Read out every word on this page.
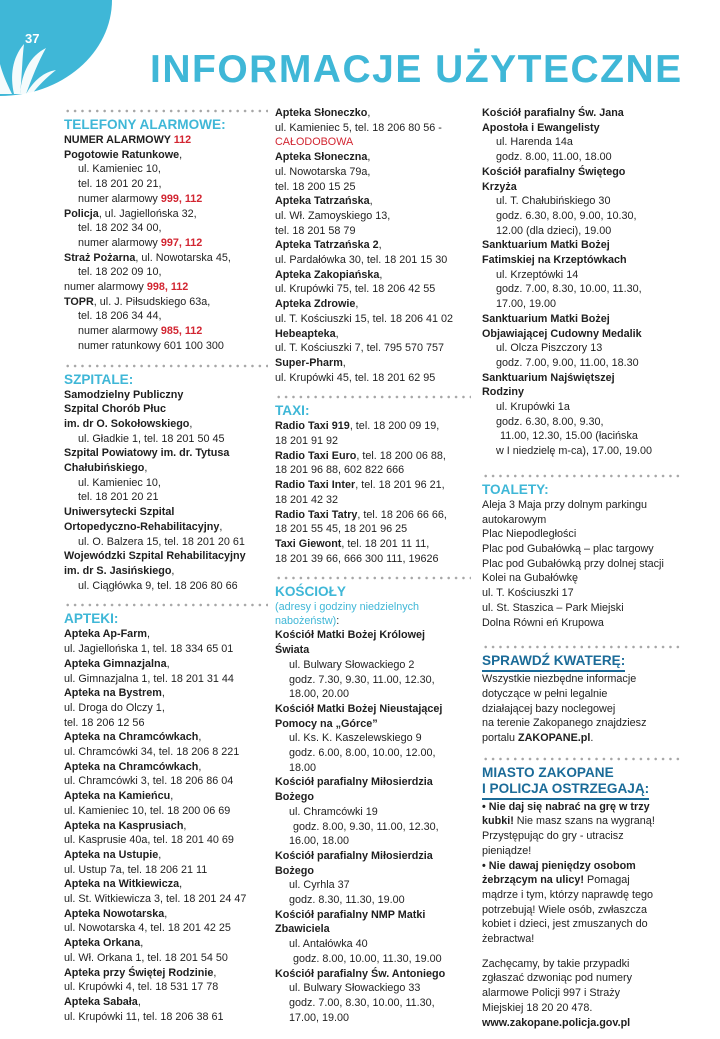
37
INFORMACJE UŻYTECZNE
TELEFONY ALARMOWE:
NUMER ALARMOWY 112
Pogotowie Ratunkowe,
ul. Kamieniec 10,
tel. 18 201 20 21,
numer alarmowy 999, 112
Policja, ul. Jagiellońska 32,
tel. 18 202 34 00,
numer alarmowy 997, 112
Straż Pożarna, ul. Nowotarska 45,
tel. 18 202 09 10,
numer alarmowy 998, 112
TOPR, ul. J. Piłsudskiego 63a,
tel. 18 206 34 44,
numer alarmowy 985, 112
numer ratunkowy 601 100 300
SZPITALE:
Samodzielny Publiczny
Szpital Chorób Płuc
im. dr O. Sokołowskiego,
ul. Gładkie 1, tel. 18 201 50 45
Szpital Powiatowy im. dr. Tytusa
Chałubińskiego,
ul. Kamieniec 10,
tel. 18 201 20 21
Uniwersytecki Szpital
Ortopedyczno-Rehabilitacyjny,
ul. O. Balzera 15, tel. 18 201 20 61
Wojewódzki Szpital Rehabilitacyjny
im. dr S. Jasińskiego,
ul. Ciągłówka 9, tel. 18 206 80 66
APTEKI:
Apteka Ap-Farm,
ul. Jagiellońska 1, tel. 18 334 65 01
Apteka Gimnazjalna,
ul. Gimnazjalna 1, tel. 18 201 31 44
Apteka na Bystrem,
ul. Droga do Olczy 1,
tel. 18 206 12 56
Apteka na Chramcówkach,
ul. Chramcówki 34, tel. 18 206 8 221
Apteka na Chramcówkach,
ul. Chramcówki 3, tel. 18 206 86 04
Apteka na Kamieńcu,
ul. Kamieniec 10, tel. 18 200 06 69
Apteka na Kasprusiach,
ul. Kasprusie 40a, tel. 18 201 40 69
Apteka na Ustupie,
ul. Ustup 7a, tel. 18 206 21 11
Apteka na Witkiewicza,
ul. St. Witkiewicza 3, tel. 18 201 24 47
Apteka Nowotarska,
ul. Nowotarska 4, tel. 18 201 42 25
Apteka Orkana,
ul. Wł. Orkana 1, tel. 18 201 54 50
Apteka przy Świętej Rodzinie,
ul. Krupówki 4, tel. 18 531 17 78
Apteka Sabała,
ul. Krupówki 11, tel. 18 206 38 61
Apteka Słoneczko,
ul. Kamieniec 5, tel. 18 206 80 56 -
CAŁODOBOWA
Apteka Słoneczna,
ul. Nowotarska 79a,
tel. 18 200 15 25
Apteka Tatrzańska,
ul. Wł. Zamoyskiego 13,
tel. 18 201 58 79
Apteka Tatrzańska 2,
ul. Pardałówka 30, tel. 18 201 15 30
Apteka Zakopiańska,
ul. Krupówki 75, tel. 18 206 42 55
Apteka Zdrowie,
ul. T. Kościuszki 15, tel. 18 206 41 02
Hebeapteka,
ul. T. Kościuszki 7, tel. 795 570 757
Super-Pharm,
ul. Krupówki 45, tel. 18 201 62 95
TAXI:
Radio Taxi 919, tel. 18 200 09 19,
18 201 91 92
Radio Taxi Euro, tel. 18 200 06 88,
18 201 96 88, 602 822 666
Radio Taxi Inter, tel. 18 201 96 21,
18 201 42 32
Radio Taxi Tatry, tel. 18 206 66 66,
18 201 55 45, 18 201 96 25
Taxi Giewont, tel. 18 201 11 11,
18 201 39 66, 666 300 111, 19626
KOŚCIOŁY
(adresy i godziny niedzielnych
nabożeństw):
Kościół Matki Bożej Królowej
Świata
ul. Bulwary Słowackiego 2
godz. 7.30, 9.30, 11.00, 12.30,
18.00, 20.00
Kościół Matki Bożej Nieustającej
Pomocy na „Górce”
ul. Ks. K. Kaszelewskiego 9
godz. 6.00, 8.00, 10.00, 12.00,
18.00
Kościół parafialny Miłosierdzia
Bożego
ul. Chramcówki 19
godz. 8.00, 9.30, 11.00, 12.30,
16.00, 18.00
Kościół parafialny Miłosierdzia
Bożego
ul. Cyrhla 37
godz. 8.30, 11.30, 19.00
Kościół parafialny NMP Matki
Zbawiciela
ul. Antałówka 40
godz. 8.00, 10.00, 11.30, 19.00
Kościół parafialny Św. Antoniego
ul. Bulwary Słowackiego 33
godz. 7.00, 8.30, 10.00, 11.30,
17.00, 19.00
Kościół parafialny Św. Jana
Apostoła i Ewangelisty
ul. Harenda 14a
godz. 8.00, 11.00, 18.00
Kościół parafialny Świętego
Krzyża
ul. T. Chałubińskiego 30
godz. 6.30, 8.00, 9.00, 10.30,
12.00 (dla dzieci), 19.00
Sanktuarium Matki Bożej
Fatimskiej na Krzeptówkach
ul. Krzeptówki 14
godz. 7.00, 8.30, 10.00, 11.30,
17.00, 19.00
Sanktuarium Matki Bożej
Objawiającej Cudowny Medalik
ul. Olcza Piszczory 13
godz. 7.00, 9.00, 11.00, 18.30
Sanktuarium Najświętszej
Rodziny
ul. Krupówki 1a
godz. 6.30, 8.00, 9.30,
11.00, 12.30, 15.00 (łacińska
w I niedzielę m-ca), 17.00, 19.00
TOALETY:
Aleja 3 Maja przy dolnym parkingu
autokarowym
Plac Niepodległości
Plac pod Gubałówką – plac targowy
Plac pod Gubałówką przy dolnej stacji
Kolei na Gubałówkę
ul. T. Kościuszki 17
ul. St. Staszica – Park Miejski
Dolna Równi eń Krupowa
SPRAWDŹ KWATERĘ:
Wszystkie niezbędne informacje
dotyczące w pełni legalnie
działającej bazy noclegowej
na terenie Zakopanego znajdziesz
portalu ZAKOPANE.pl.
MIASTO ZAKOPANE
I POLICJA OSTRZEGAJĄ:
• Nie daj się nabrać na grę w trzy
kubki! Nie masz szans na wygraną!
Przystępując do gry - utracisz
pieniądze!
• Nie dawaj pieniędzy osobom
żebrzącym na ulicy! Pomagaj
mądrze i tym, którzy naprawdę tego
potrzebują! Wiele osób, zwłaszcza
kobiet i dzieci, jest zmuszanych do
żebractwa!
Zachęcamy, by takie przypadki
zgłaszać dzwoniąc pod numery
alarmowe Policji 997 i Straży
Miejskiej 18 20 20 478.
www.zakopane.policja.gov.pl
